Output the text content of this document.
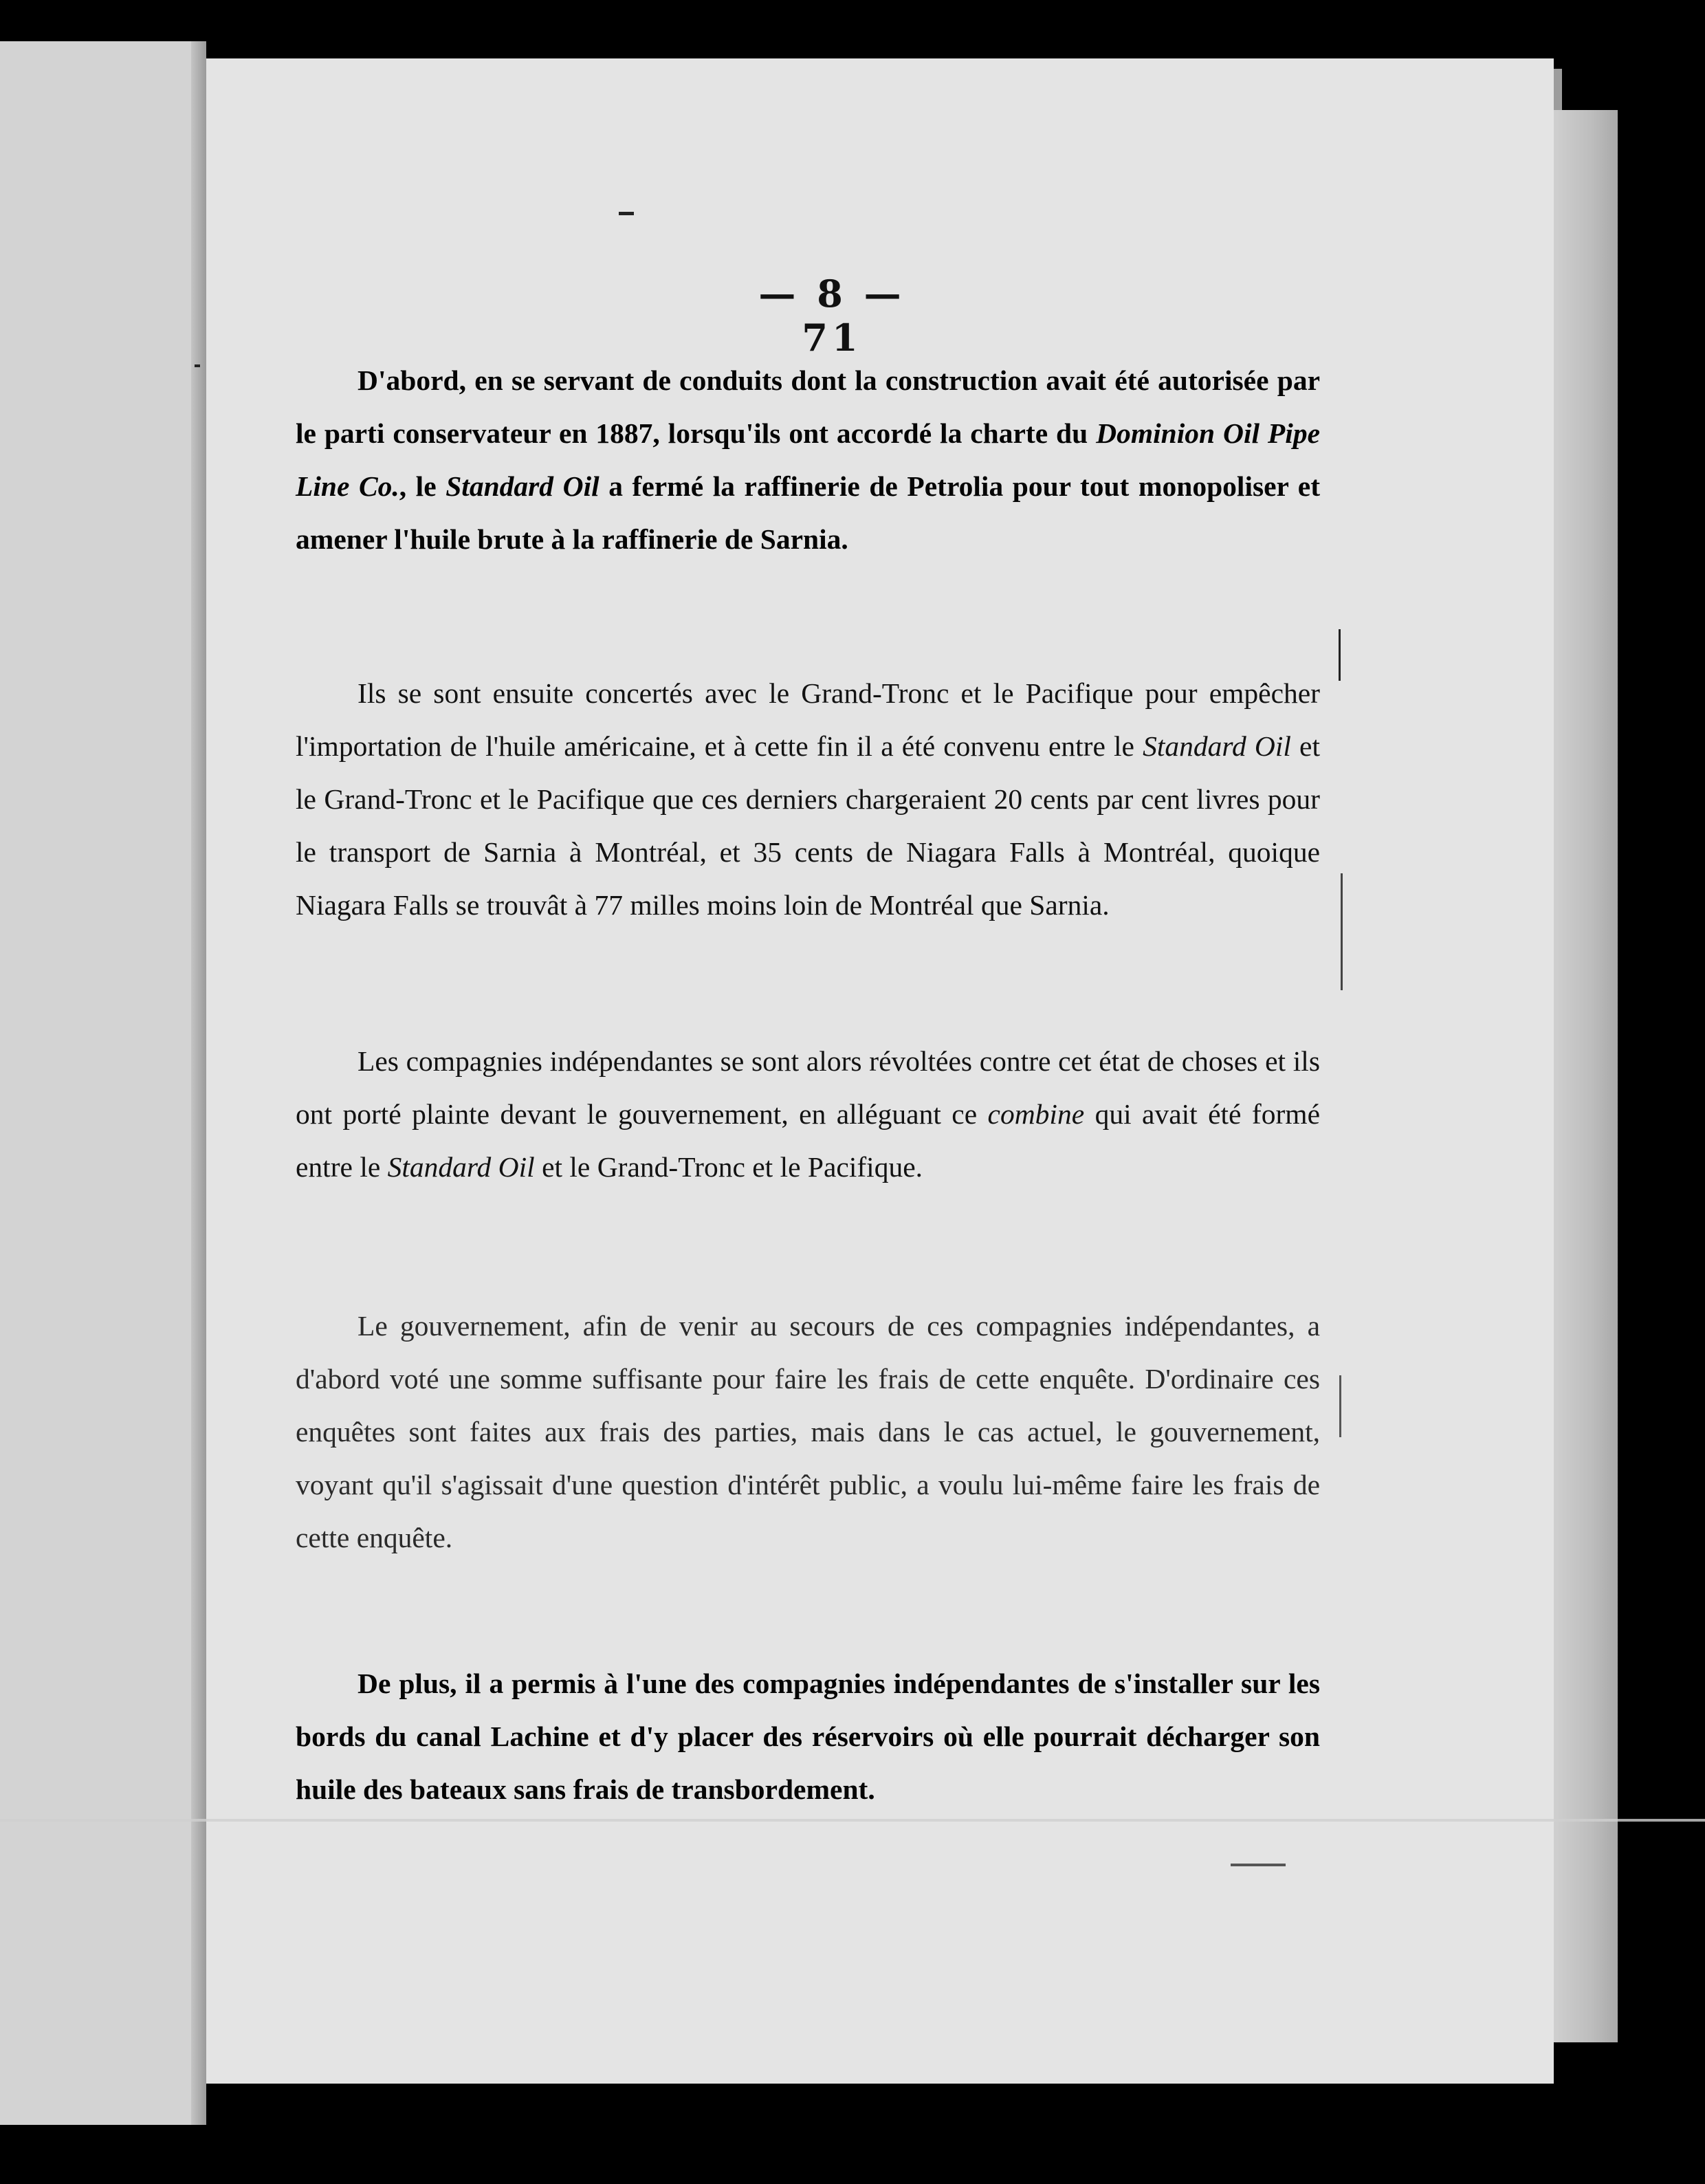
— 8 — 71

D'abord, en se servant de conduits dont la construction avait été autorisée par le parti conservateur en 1887, lorsqu'ils ont accordé la charte du Dominion Oil Pipe Line Co., le Standard Oil a fermé la raffinerie de Petrolia pour tout monopoliser et amener l'huile brute à la raffinerie de Sarnia.

Ils se sont ensuite concertés avec le Grand-Tronc et le Pacifique pour empêcher l'importation de l'huile américaine, et à cette fin il a été convenu entre le Standard Oil et le Grand-Tronc et le Pacifique que ces derniers chargeraient 20 cents par cent livres pour le transport de Sarnia à Montréal, et 35 cents de Niagara Falls à Montréal, quoique Niagara Falls se trouvât à 77 milles moins loin de Montréal que Sarnia.

Les compagnies indépendantes se sont alors révoltées contre cet état de choses et ils ont porté plainte devant le gouvernement, en alléguant ce combine qui avait été formé entre le Standard Oil et le Grand-Tronc et le Pacifique.

Le gouvernement, afin de venir au secours de ces compagnies indépendantes, a d'abord voté une somme suffisante pour faire les frais de cette enquête. D'ordinaire ces enquêtes sont faites aux frais des parties, mais dans le cas actuel, le gouvernement, voyant qu'il s'agissait d'une question d'intérêt public, a voulu lui-même faire les frais de cette enquête.

De plus, il a permis à l'une des compagnies indépendantes de s'installer sur les bords du canal Lachine et d'y placer des réservoirs où elle pourrait décharger son huile des bateaux sans frais de transbordement.
